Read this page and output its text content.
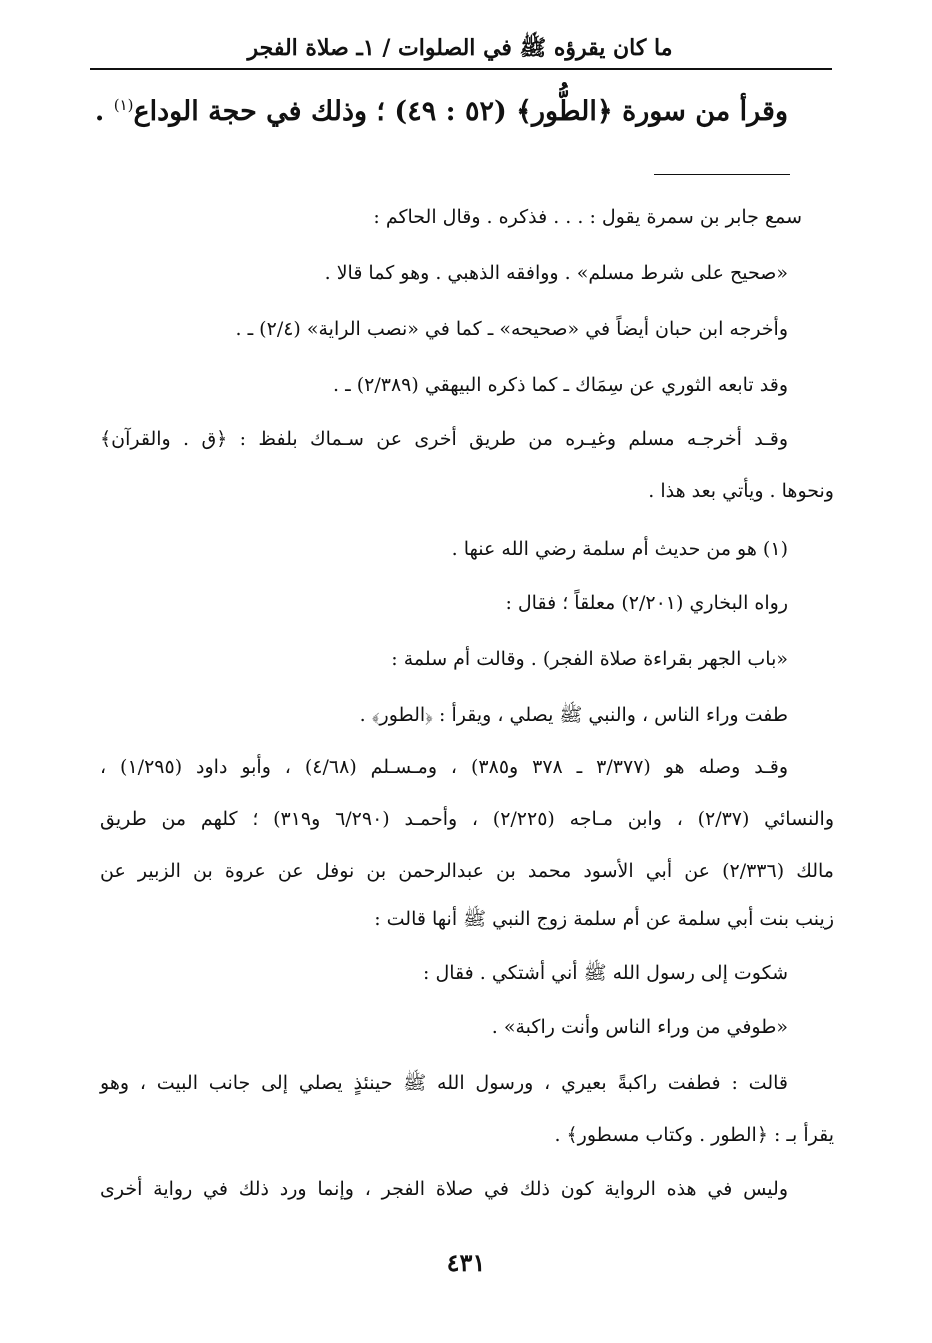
ما كان يقرؤه ﷺ في الصلوات / ١ـ صلاة الفجر
وقرأ من سورة ﴿الطُّور﴾ (٥٢ : ٤٩) ؛ وذلك في حجة الوداع$^{(١)}$ .
سمع جابر بن سمرة يقول : . . . فذكره . وقال الحاكم :
«صحيح على شرط مسلم» . ووافقه الذهبي . وهو كما قالا .
وأخرجه ابن حبان أيضاً في «صحيحه» ـ كما في «نصب الراية» (٢/٤) ـ .
وقد تابعه الثوري عن سِمَاك ـ كما ذكره البيهقي (٢/٣٨٩) ـ .
وقـد أخرجـه مسلم وغيـره من طريق أخرى عن سـماك بلفظ : ﴿ق . والقرآن﴾
ونحوها . ويأتي بعد هذا .
(١) هو من حديث أم سلمة رضي الله عنها .
رواه البخاري (٢/٢٠١) معلقاً ؛ فقال :
«باب الجهر بقراءة صلاة الفجر) . وقالت أم سلمة :
طفت وراء الناس ، والنبي ﷺ يصلي ، ويقرأ : ﴿الطور﴾ .
وقـد وصله هو (٣/٣٧٧ ـ ٣٧٨ و٣٨٥) ، ومـسـلم (٤/٦٨) ، وأبو داود (١/٢٩٥) ،
والنسائي (٢/٣٧) ، وابن مـاجه (٢/٢٢٥) ، وأحمـد (٦/٢٩٠ و٣١٩) ؛ كلهم من طريق
مالك (٢/٣٣٦) عن أبي الأسود محمد بن عبدالرحمن بن نوفل عن عروة بن الزبير عن
زينب بنت أبي سلمة عن أم سلمة زوج النبي ﷺ أنها قالت :
شكوت إلى رسول الله ﷺ أني أشتكي . فقال :
«طوفي من وراء الناس وأنت راكبة» .
قالت : فطفت راكبةً بعيري ، ورسول الله ﷺ حينئذٍ يصلي إلى جانب البيت ، وهو
يقرأ بـ : ﴿الطور . وكتاب مسطور﴾ .
وليس في هذه الرواية كون ذلك في صلاة الفجر ، وإنما ورد ذلك في رواية أخرى
٤٣١
